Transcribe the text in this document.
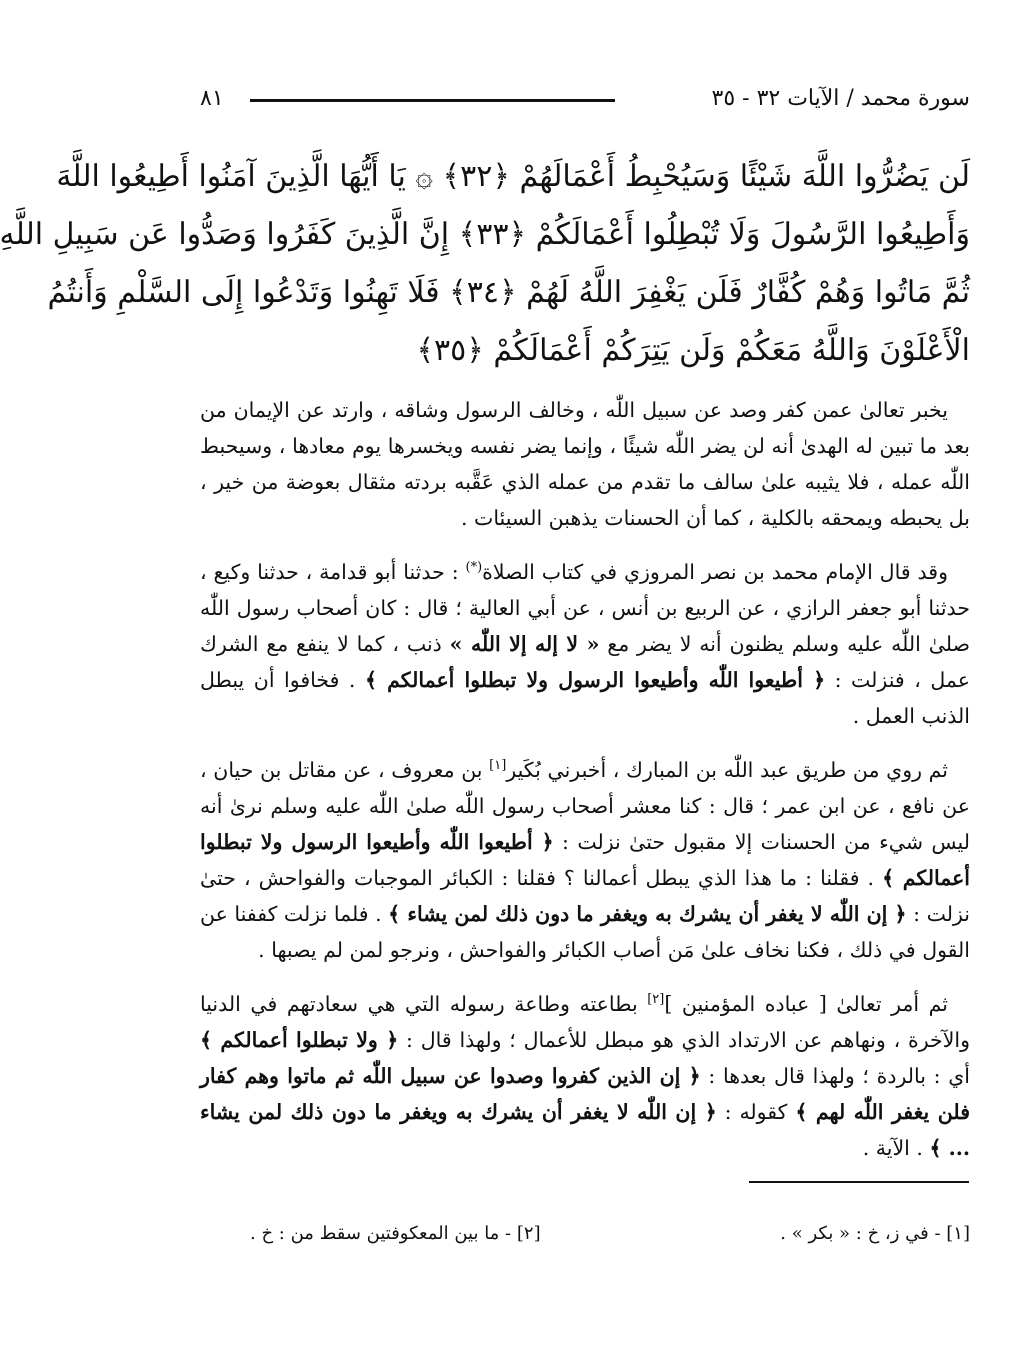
سورة محمد / الآيات ٣٢ - ٣٥
٨١
لَن يَضُرُّوا اللَّهَ شَيْئًا وَسَيُحْبِطُ أَعْمَالَهُمْ ﴿٣٢﴾ ۞ يَا أَيُّهَا الَّذِينَ آمَنُوا أَطِيعُوا اللَّهَ
وَأَطِيعُوا الرَّسُولَ وَلَا تُبْطِلُوا أَعْمَالَكُمْ ﴿٣٣﴾ إِنَّ الَّذِينَ كَفَرُوا وَصَدُّوا عَن سَبِيلِ اللَّهِ
ثُمَّ مَاتُوا وَهُمْ كُفَّارٌ فَلَن يَغْفِرَ اللَّهُ لَهُمْ ﴿٣٤﴾ فَلَا تَهِنُوا وَتَدْعُوا إِلَى السَّلْمِ وَأَنتُمُ
الْأَعْلَوْنَ وَاللَّهُ مَعَكُمْ وَلَن يَتِرَكُمْ أَعْمَالَكُمْ ﴿٣٥﴾

يخبر تعالىٰ عمن كفر وصد عن سبيل اللّٰه ، وخالف الرسول وشاقه ، وارتد عن الإيمان من بعد ما تبين له الهدىٰ أنه لن يضر اللّٰه شيئًا ، وإنما يضر نفسه ويخسرها يوم معادها ، وسيحبط اللّٰه عمله ، فلا يثيبه علىٰ سالف ما تقدم من عمله الذي عَقَّبه بردته مثقال بعوضة من خير ، بل يحبطه ويمحقه بالكلية ، كما أن الحسنات يذهبن السيئات .

وقد قال الإمام محمد بن نصر المروزي في كتاب الصلاة(*) : حدثنا أبو قدامة ، حدثنا وكيع ، حدثنا أبو جعفر الرازي ، عن الربيع بن أنس ، عن أبي العالية ؛ قال : كان أصحاب رسول اللّٰه صلىٰ اللّٰه عليه وسلم يظنون أنه لا يضر مع « لا إله إلا اللّٰه » ذنب ، كما لا ينفع مع الشرك عمل ، فنزلت : ﴿ أطيعوا اللّٰه وأطيعوا الرسول ولا تبطلوا أعمالكم ﴾ . فخافوا أن يبطل الذنب العمل .

ثم روي من طريق عبد اللّٰه بن المبارك ، أخبرني بُكَير[١] بن معروف ، عن مقاتل بن حيان ، عن نافع ، عن ابن عمر ؛ قال : كنا معشر أصحاب رسول اللّٰه صلىٰ اللّٰه عليه وسلم نرىٰ أنه ليس شيء من الحسنات إلا مقبول حتىٰ نزلت : ﴿ أطيعوا اللّٰه وأطيعوا الرسول ولا تبطلوا أعمالكم ﴾ . فقلنا : ما هذا الذي يبطل أعمالنا ؟ فقلنا : الكبائر الموجبات والفواحش ، حتىٰ نزلت : ﴿ إن اللّٰه لا يغفر أن يشرك به ويغفر ما دون ذلك لمن يشاء ﴾ . فلما نزلت كففنا عن القول في ذلك ، فكنا نخاف علىٰ مَن أصاب الكبائر والفواحش ، ونرجو لمن لم يصبها .

ثم أمر تعالىٰ [ عباده المؤمنين ][٢] بطاعته وطاعة رسوله التي هي سعادتهم في الدنيا والآخرة ، ونهاهم عن الارتداد الذي هو مبطل للأعمال ؛ ولهذا قال : ﴿ ولا تبطلوا أعمالكم ﴾ أي : بالردة ؛ ولهذا قال بعدها : ﴿ إن الذين كفروا وصدوا عن سبيل اللّٰه ثم ماتوا وهم كفار فلن يغفر اللّٰه لهم ﴾ كقوله : ﴿ إن اللّٰه لا يغفر أن يشرك به ويغفر ما دون ذلك لمن يشاء ... ﴾ . الآية .

[١] - في ز، خ : « بكر » .
[٢] - ما بين المعكوفتين سقط من : خ .
